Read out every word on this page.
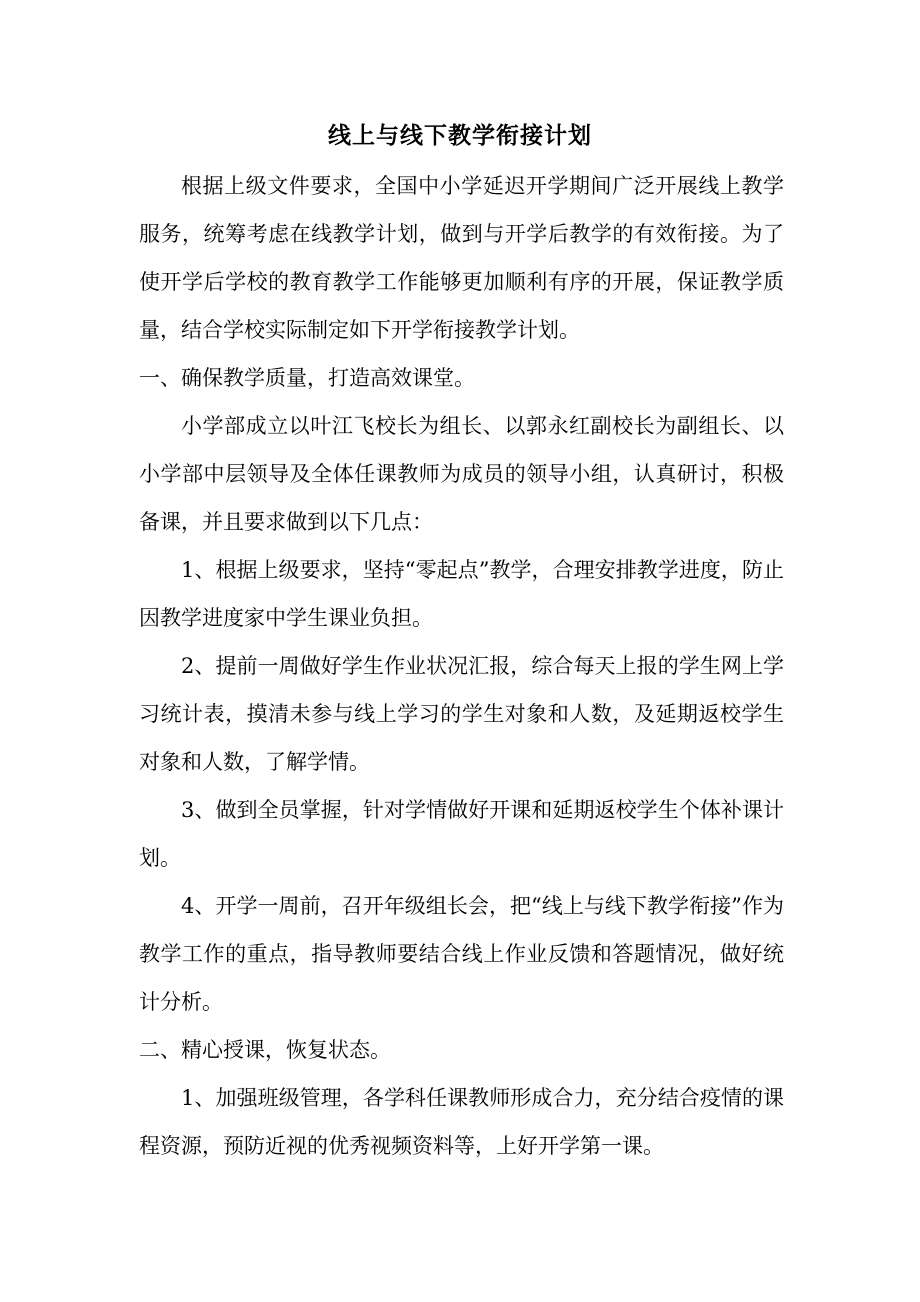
线上与线下教学衔接计划

根据上级文件要求，全国中小学延迟开学期间广泛开展线上教学服务，统筹考虑在线教学计划，做到与开学后教学的有效衔接。为了使开学后学校的教育教学工作能够更加顺利有序的开展，保证教学质量，结合学校实际制定如下开学衔接教学计划。

一、确保教学质量，打造高效课堂。

小学部成立以叶江飞校长为组长、以郭永红副校长为副组长、以小学部中层领导及全体任课教师为成员的领导小组，认真研讨，积极备课，并且要求做到以下几点：

1、根据上级要求，坚持“零起点”教学，合理安排教学进度，防止因教学进度家中学生课业负担。

2、提前一周做好学生作业状况汇报，综合每天上报的学生网上学习统计表，摸清未参与线上学习的学生对象和人数，及延期返校学生对象和人数，了解学情。

3、做到全员掌握，针对学情做好开课和延期返校学生个体补课计划。

4、开学一周前，召开年级组长会，把“线上与线下教学衔接”作为教学工作的重点，指导教师要结合线上作业反馈和答题情况，做好统计分析。

二、精心授课，恢复状态。

1、加强班级管理，各学科任课教师形成合力，充分结合疫情的课程资源，预防近视的优秀视频资料等，上好开学第一课。
